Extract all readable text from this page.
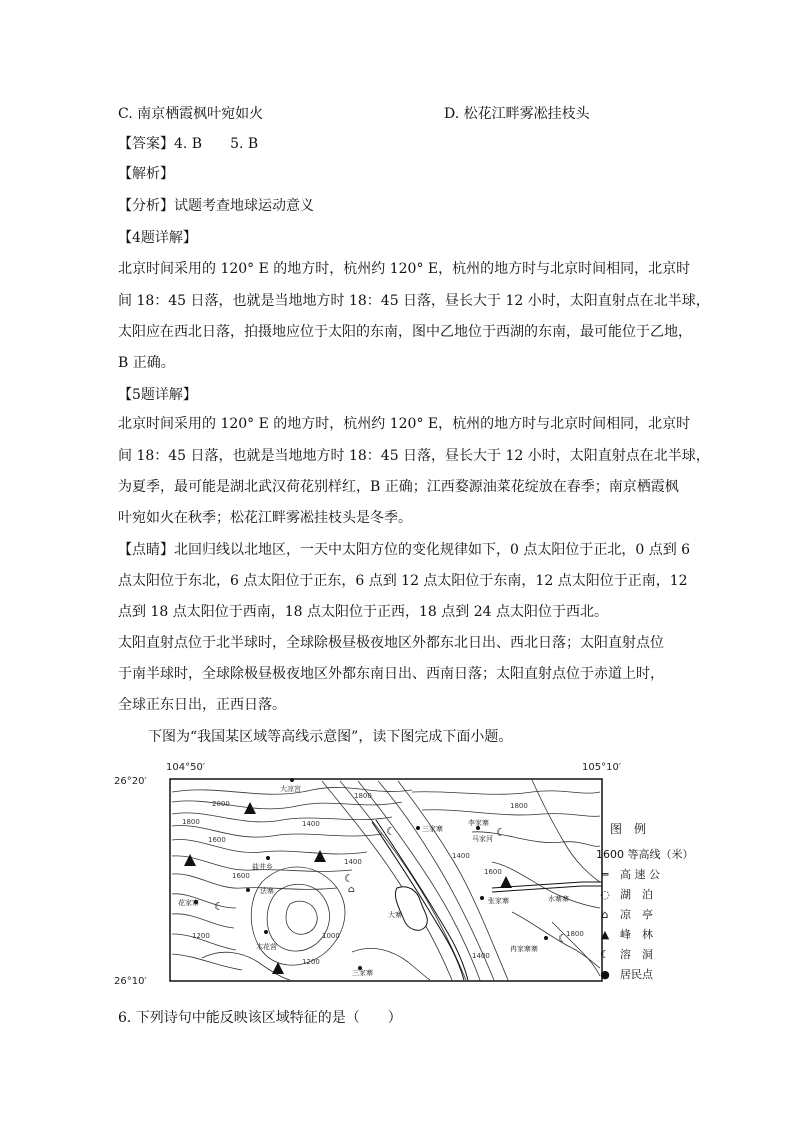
C. 南京栖霞枫叶宛如火	D. 松花江畔雾凇挂枝头
【答案】4. B　　5. B
【解析】
【分析】试题考查地球运动意义
【4题详解】
北京时间采用的 120° E 的地方时，杭州约 120° E，杭州的地方时与北京时间相同，北京时
间 18：45 日落，也就是当地地方时 18：45 日落，昼长大于 12 小时，太阳直射点在北半球，
太阳应在西北日落，拍摄地应位于太阳的东南，图中乙地位于西湖的东南，最可能位于乙地，
B 正确。
【5题详解】
北京时间采用的 120° E 的地方时，杭州约 120° E，杭州的地方时与北京时间相同，北京时
间 18：45 日落，也就是当地地方时 18：45 日落，昼长大于 12 小时，太阳直射点在北半球，
为夏季，最可能是湖北武汉荷花别样红，B 正确；江西婺源油菜花绽放在春季；南京栖霞枫
叶宛如火在秋季；松花江畔雾凇挂枝头是冬季。
【点睛】北回归线以北地区，一天中太阳方位的变化规律如下，0 点太阳位于正北，0 点到 6
点太阳位于东北，6 点太阳位于正东，6 点到 12 点太阳位于东南，12 点太阳位于正南，12
点到 18 点太阳位于西南，18 点太阳位于正西，18 点到 24 点太阳位于西北。
太阳直射点位于北半球时，全球除极昼极夜地区外都东北日出、西北日落；太阳直射点位
于南半球时，全球除极昼极夜地区外都东南日出、西南日落；太阳直射点位于赤道上时，
全球正东日出，正西日落。
下图为“我国某区域等高线示意图”，读下图完成下面小题。
104°50′	105°10′
26°20′
26°10′
☾	☾
☾
☾
☾
⌂
大凉宫
三家寨
李家寨
马家河
盐井乡
法寨
花家寨
木花营
三家寨
张家寨	水寨寨
冉家寨寨
大寨
2000
1800
1600
1400
1200	1000
1400
1600
1800
1200
1400
1600
1800
1400
1800
图　例
1600 等高线（米）
═ 高 速 公
◌ 湖　泊
⌂ 凉　亭
▲ 峰　林
☾ 溶　洞
● 居民点
6. 下列诗句中能反映该区域特征的是（　　）
